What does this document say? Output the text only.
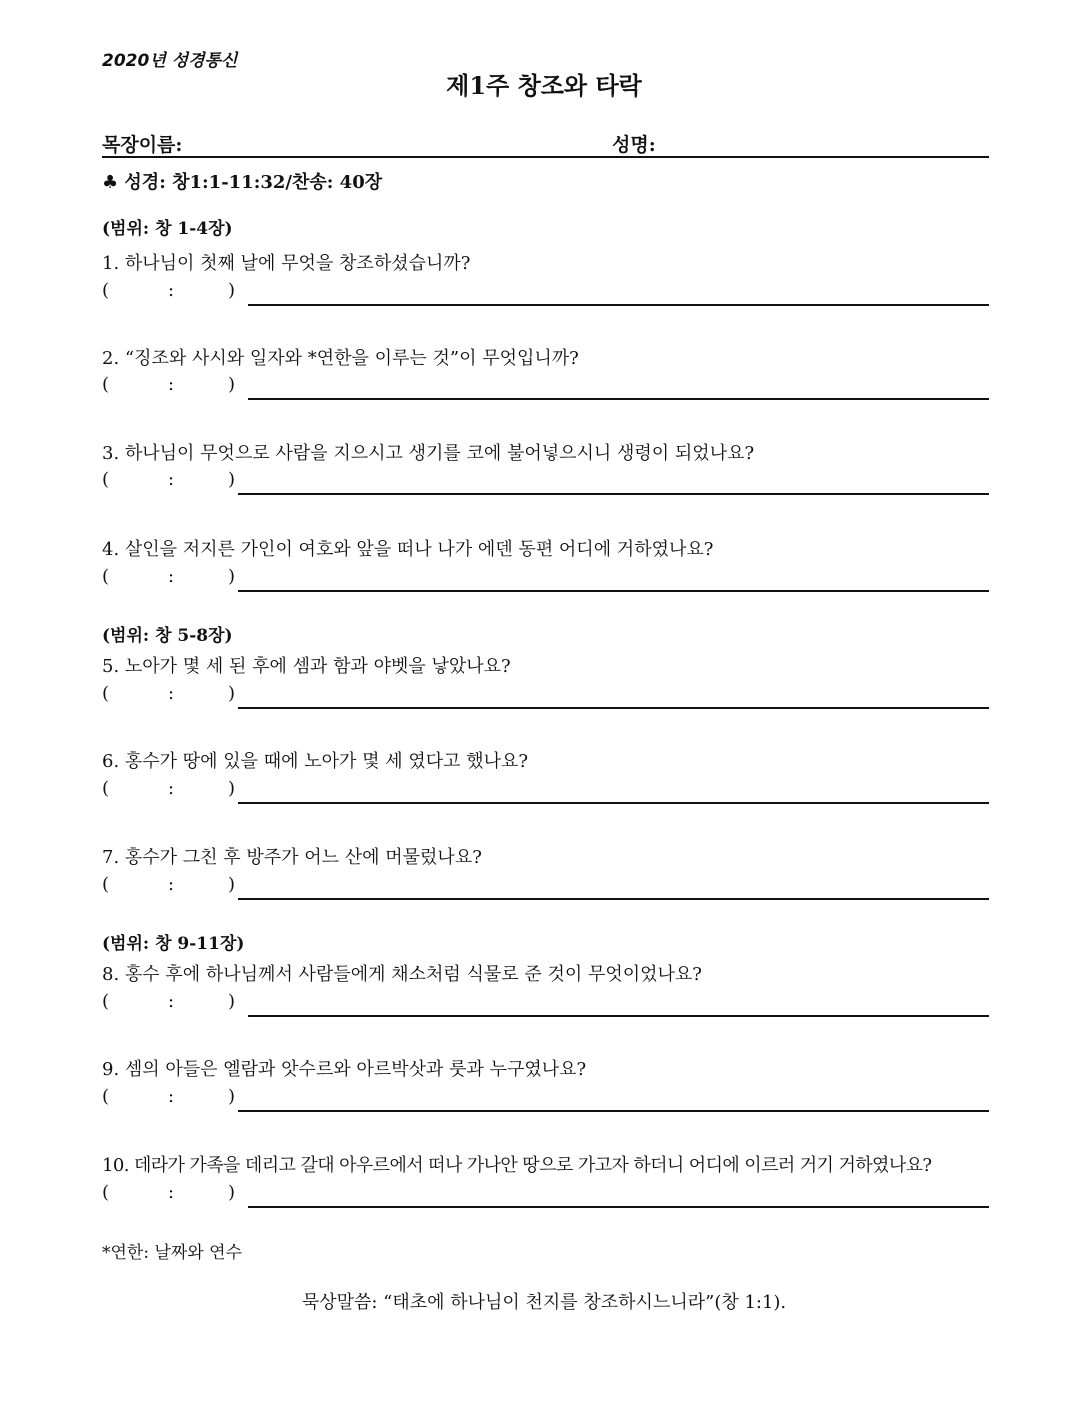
2020년 성경통신
제1주 창조와 타락
목장이름:	성명:
♣ 성경: 창1:1-11:32/찬송: 40장
(범위: 창 1-4장)
1. 하나님이 첫째 날에 무엇을 창조하셨습니까?
(	:	)
2. “징조와 사시와 일자와 *연한을 이루는 것”이 무엇입니까?
(	:	)
3. 하나님이 무엇으로 사람을 지으시고 생기를 코에 불어넣으시니 생령이 되었나요?
(	:	)
4. 살인을 저지른 가인이 여호와 앞을 떠나 나가 에덴 동편 어디에 거하였나요?
(	:	)
(범위: 창 5-8장)
5. 노아가 몇 세 된 후에 셈과 함과 야벳을 낳았나요?
(	:	)
6. 홍수가 땅에 있을 때에 노아가 몇 세 였다고 했나요?
(	:	)
7. 홍수가 그친 후 방주가 어느 산에 머물렀나요?
(	:	)
(범위: 창 9-11장)
8. 홍수 후에 하나님께서 사람들에게 채소처럼 식물로 준 것이 무엇이었나요?
(	:	)
9. 셈의 아들은 엘람과 앗수르와 아르박삿과 룻과 누구였나요?
(	:	)
10. 데라가 가족을 데리고 갈대 아우르에서 떠나 가나안 땅으로 가고자 하더니 어디에 이르러 거기 거하였나요?
(	:	)
*연한: 날짜와 연수
묵상말씀: “태초에 하나님이 천지를 창조하시느니라”(창 1:1).
